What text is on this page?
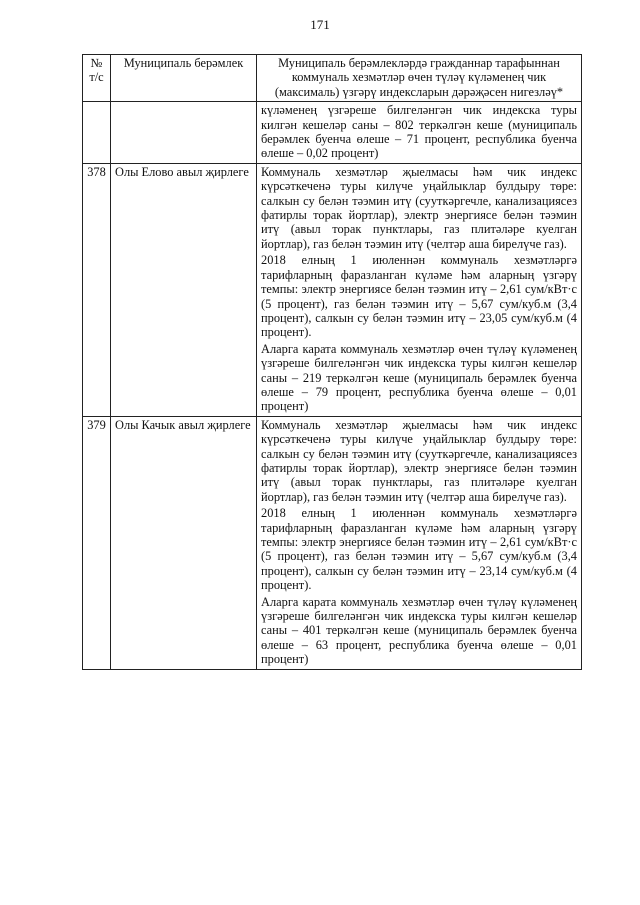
171
№ т/с	Муниципаль берәмлек	Муниципаль берәмлекләрдә гражданнар тарафыннан коммуналь хезмәтләр өчен түләү күләменең чик (максималь) үзгәрү индексларын дәрәҗәсен нигезләү*

		күләменең үзгәреше билгеләнгән чик индекска туры килгән кешеләр саны – 802 теркәлгән кеше (муниципаль берәмлек буенча өлеше – 71 процент, республика буенча өлеше – 0,02 процент)

378	Олы Елово авыл җирлеге	Коммуналь хезмәтләр җыелмасы һәм чик индекс күрсәткеченә туры килүче уңайлыклар булдыру төре: салкын су белән тәэмин итү (сууткәргечле, канализациясез фатирлы торак йортлар), электр энергиясе белән тәэмин итү (авыл торак пунктлары, газ плитәләре куелган йортлар), газ белән тәэмин итү (челтәр аша бирелүче газ).

2018 елның 1 июленнән коммуналь хезмәтләргә тарифларның фаразланган күләме һәм аларның үзгәрү темпы: электр энергиясе белән тәэмин итү – 2,61 сум/кВт·с (5 процент), газ белән тәэмин итү – 5,67 сум/куб.м (3,4 процент), салкын су белән тәэмин итү – 23,05 сум/куб.м (4 процент).

Аларга карата коммуналь хезмәтләр өчен түләү күләменең үзгәреше билгеләнгән чик индекска туры килгән кешеләр саны – 219 теркәлгән кеше (муниципаль берәмлек буенча өлеше – 79 процент, республика буенча өлеше – 0,01 процент)

379	Олы Качык авыл җирлеге	Коммуналь хезмәтләр җыелмасы һәм чик индекс күрсәткеченә туры килүче уңайлыклар булдыру төре: салкын су белән тәэмин итү (сууткәргечле, канализациясез фатирлы торак йортлар), электр энергиясе белән тәэмин итү (авыл торак пунктлары, газ плитәләре куелган йортлар), газ белән тәэмин итү (челтәр аша бирелүче газ).

2018 елның 1 июленнән коммуналь хезмәтләргә тарифларның фаразланган күләме һәм аларның үзгәрү темпы: электр энергиясе белән тәэмин итү – 2,61 сум/кВт·с (5 процент), газ белән тәэмин итү – 5,67 сум/куб.м (3,4 процент), салкын су белән тәэмин итү – 23,14 сум/куб.м (4 процент).

Аларга карата коммуналь хезмәтләр өчен түләү күләменең үзгәреше билгеләнгән чик индекска туры килгән кешеләр саны – 401 теркәлгән кеше (муниципаль берәмлек буенча өлеше – 63 процент, республика буенча өлеше – 0,01 процент)
